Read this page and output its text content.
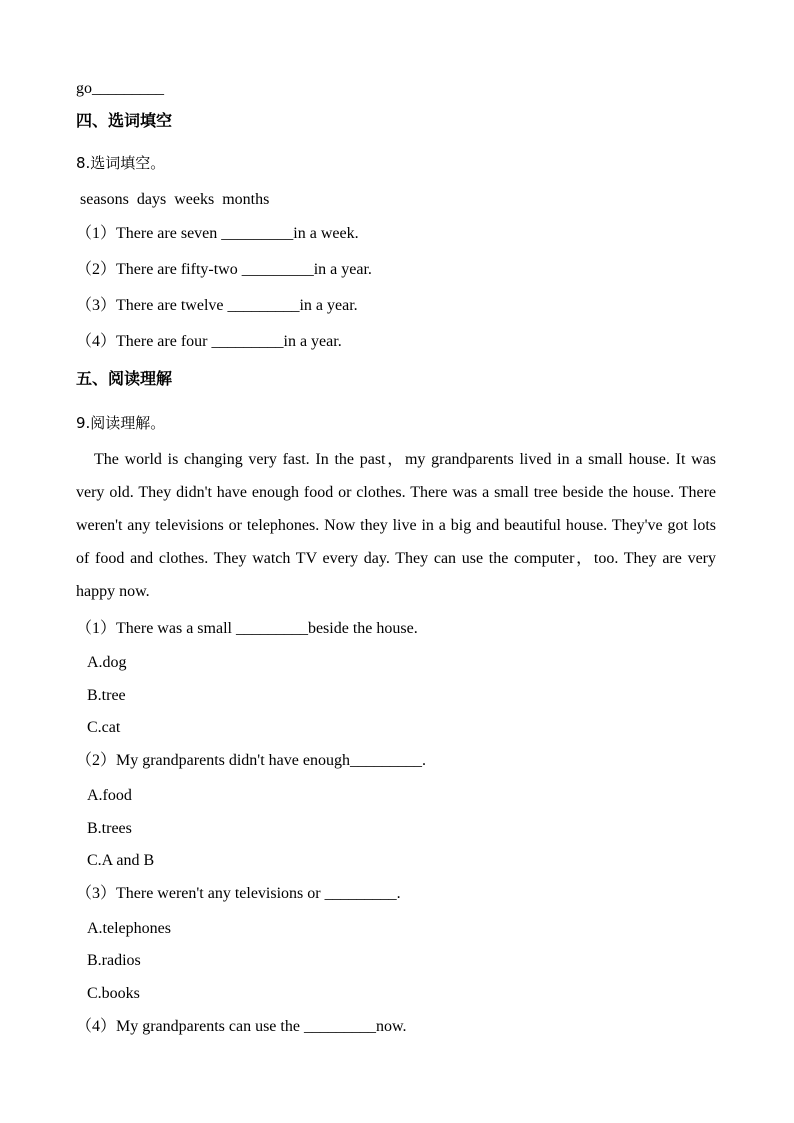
go_________
四、选词填空
8.选词填空。
seasons  days  weeks  months
（1）There are seven _________in a week.
（2）There are fifty-two _________in a year.
（3）There are twelve _________in a year.
（4）There are four _________in a year.
五、阅读理解
9.阅读理解。

The world is changing very fast. In the past，my grandparents lived in a small house. It was very old. They didn't have enough food or clothes. There was a small tree beside the house. There weren't any televisions or telephones. Now they live in a big and beautiful house. They've got lots of food and clothes. They watch TV every day. They can use the computer，too. They are very happy now.

（1）There was a small _________beside the house.
A.dog
B.tree
C.cat
（2）My grandparents didn't have enough_________.
A.food
B.trees
C.A and B
（3）There weren't any televisions or _________.
A.telephones
B.radios
C.books
（4）My grandparents can use the _________now.
